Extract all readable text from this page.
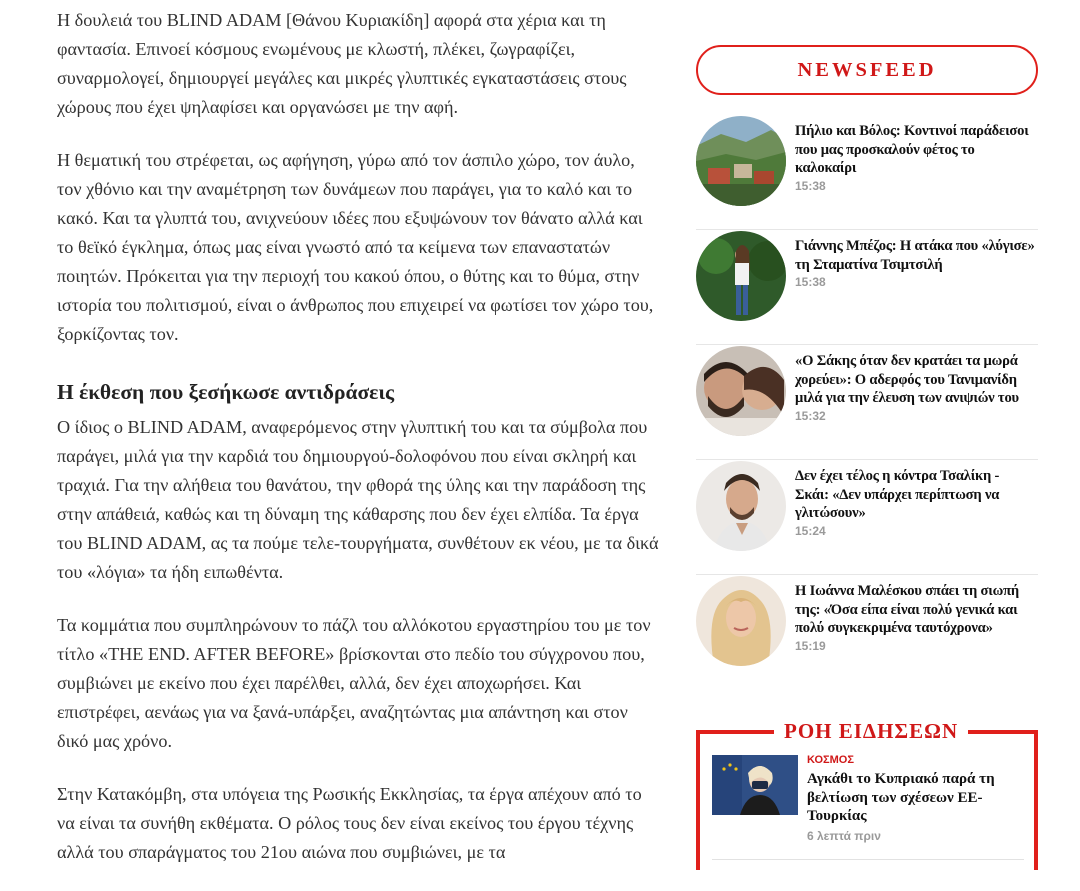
Η δουλειά του BLIND ADAM [Θάνου Κυριακίδη] αφορά στα χέρια και τη φαντασία. Επινοεί κόσμους ενωμένους με κλωστή, πλέκει, ζωγραφίζει, συναρμολογεί, δημιουργεί μεγάλες και μικρές γλυπτικές εγκαταστάσεις στους χώρους που έχει ψηλαφίσει και οργανώσει με την αφή.

Η θεματική του στρέφεται, ως αφήγηση, γύρω από τον άσπιλο χώρο, τον άυλο, τον χθόνιο και την αναμέτρηση των δυνάμεων που παράγει, για το καλό και το κακό. Και τα γλυπτά του, ανιχνεύουν ιδέες που εξυψώνουν τον θάνατο αλλά και το θεϊκό έγκλημα, όπως μας είναι γνωστό από τα κείμενα των επαναστατών ποιητών. Πρόκειται για την περιοχή του κακού όπου, ο θύτης και το θύμα, στην ιστορία του πολιτισμού, είναι ο άνθρωπος που επιχειρεί να φωτίσει τον χώρο του, ξορκίζοντας τον.

Η έκθεση που ξεσήκωσε αντιδράσεις

Ο ίδιος ο BLIND ADAM, αναφερόμενος στην γλυπτική του και τα σύμβολα που παράγει, μιλά για την καρδιά του δημιουργού-δολοφόνου που είναι σκληρή και τραχιά. Για την αλήθεια του θανάτου, την φθορά της ύλης και την παράδοση της στην απάθειά, καθώς και τη δύναμη της κάθαρσης που δεν έχει ελπίδα. Τα έργα του BLIND ADAM, ας τα πούμε τελε-τουργήματα, συνθέτουν εκ νέου, με τα δικά του «λόγια» τα ήδη ειπωθέντα.

Τα κομμάτια που συμπληρώνουν το πάζλ του αλλόκοτου εργαστηρίου του με τον τίτλο «THE END. AFTER BEFORE» βρίσκονται στο πεδίο του σύγχρονου που, συμβιώνει με εκείνο που έχει παρέλθει, αλλά, δεν έχει αποχωρήσει. Και επιστρέφει, αενάως για να ξανά-υπάρξει, αναζητώντας μια απάντηση και στον δικό μας χρόνο.

Στην Κατακόμβη, στα υπόγεια της Ρωσικής Εκκλησίας, τα έργα απέχουν από το να είναι τα συνήθη εκθέματα. Ο ρόλος τους δεν είναι εκείνος του έργου τέχνης αλλά του σπαράγματος του 21ου αιώνα που συμβιώνει, με τα

NEWSFEED
Πήλιο και Βόλος: Κοντινοί παράδεισοι που μας προσκαλούν φέτος το καλοκαίρι
15:38
Γιάννης Μπέζος: Η ατάκα που «λύγισε» τη Σταματίνα Τσιμτσιλή
15:38
«Ο Σάκης όταν δεν κρατάει τα μωρά χορεύει»: Ο αδερφός του Τανιμανίδη μιλά για την έλευση των ανιψιών του
15:32
Δεν έχει τέλος η κόντρα Τσαλίκη - Σκάι: «Δεν υπάρχει περίπτωση να γλιτώσουν»
15:24
Η Ιωάννα Μαλέσκου σπάει τη σιωπή της: «Όσα είπα είναι πολύ γενικά και πολύ συγκεκριμένα ταυτόχρονα»
15:19
ΡΟΗ ΕΙΔΗΣΕΩΝ
ΚΟΣΜΟΣ
Αγκάθι το Κυπριακό παρά τη βελτίωση των σχέσεων ΕΕ-Τουρκίας
6 λεπτά πριν
